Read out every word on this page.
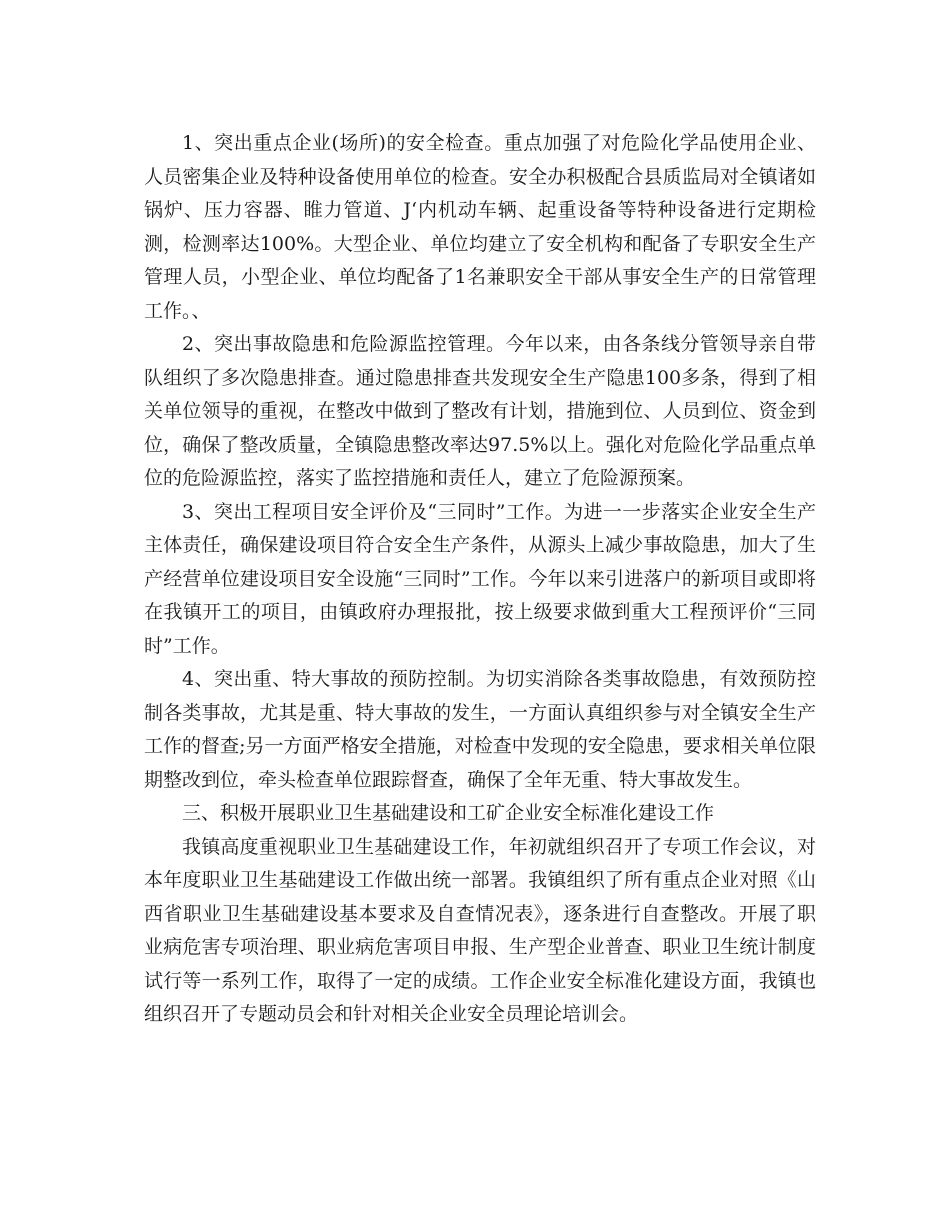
1、突出重点企业(场所)的安全检查。重点加强了对危险化学品使用企业、人员密集企业及特种设备使用单位的检查。安全办积极配合县质监局对全镇诸如锅炉、压力容器、睢力管道、J‘内机动车辆、起重设备等特种设备进行定期检测，检测率达100%。大型企业、单位均建立了安全机构和配备了专职安全生产管理人员，小型企业、单位均配备了1名兼职安全干部从事安全生产的日常管理工作。、

2、突出事故隐患和危险源监控管理。今年以来，由各条线分管领导亲自带队组织了多次隐患排查。通过隐患排查共发现安全生产隐患100多条，得到了相关单位领导的重视，在整改中做到了整改有计划，措施到位、人员到位、资金到位，确保了整改质量，全镇隐患整改率达97.5%以上。强化对危险化学品重点单位的危险源监控，落实了监控措施和责任人，建立了危险源预案。

3、突出工程项目安全评价及“三同时”工作。为进一一步落实企业安全生产主体责任，确保建设项目符合安全生产条件，从源头上减少事故隐患，加大了生产经营单位建设项目安全设施“三同时”工作。今年以来引进落户的新项目或即将在我镇开工的项目，由镇政府办理报批，按上级要求做到重大工程预评价“三同时”工作。

4、突出重、特大事故的预防控制。为切实消除各类事故隐患，有效预防控制各类事故，尤其是重、特大事故的发生，一方面认真组织参与对全镇安全生产工作的督查;另一方面严格安全措施，对检查中发现的安全隐患，要求相关单位限期整改到位，牵头检查单位跟踪督查，确保了全年无重、特大事故发生。

三、积极开展职业卫生基础建设和工矿企业安全标准化建设工作

我镇高度重视职业卫生基础建设工作，年初就组织召开了专项工作会议，对本年度职业卫生基础建设工作做出统一部署。我镇组织了所有重点企业对照《山西省职业卫生基础建设基本要求及自查情况表》，逐条进行自查整改。开展了职业病危害专项治理、职业病危害项目申报、生产型企业普查、职业卫生统计制度试行等一系列工作，取得了一定的成绩。工作企业安全标准化建设方面，我镇也组织召开了专题动员会和针对相关企业安全员理论培训会。
